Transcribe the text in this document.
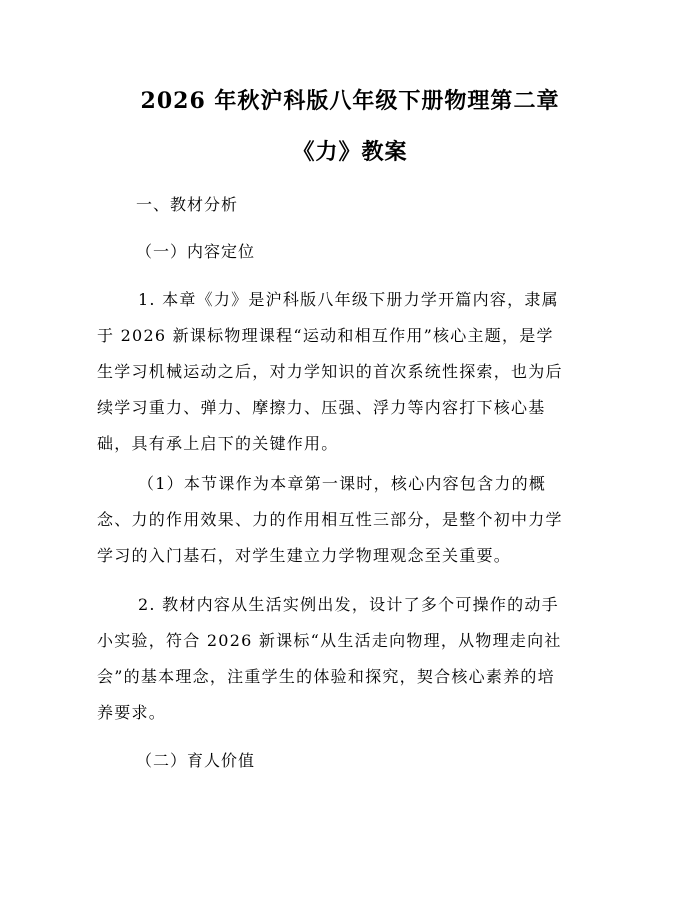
2026 年秋沪科版八年级下册物理第二章
《力》教案
一、教材分析
（一）内容定位
1. 本章《力》是沪科版八年级下册力学开篇内容，隶属
于 2026 新课标物理课程“运动和相互作用”核心主题，是学
生学习机械运动之后，对力学知识的首次系统性探索，也为后
续学习重力、弹力、摩擦力、压强、浮力等内容打下核心基
础，具有承上启下的关键作用。
（1）本节课作为本章第一课时，核心内容包含力的概
念、力的作用效果、力的作用相互性三部分，是整个初中力学
学习的入门基石，对学生建立力学物理观念至关重要。
2. 教材内容从生活实例出发，设计了多个可操作的动手
小实验，符合 2026 新课标“从生活走向物理，从物理走向社
会”的基本理念，注重学生的体验和探究，契合核心素养的培
养要求。
（二）育人价值
